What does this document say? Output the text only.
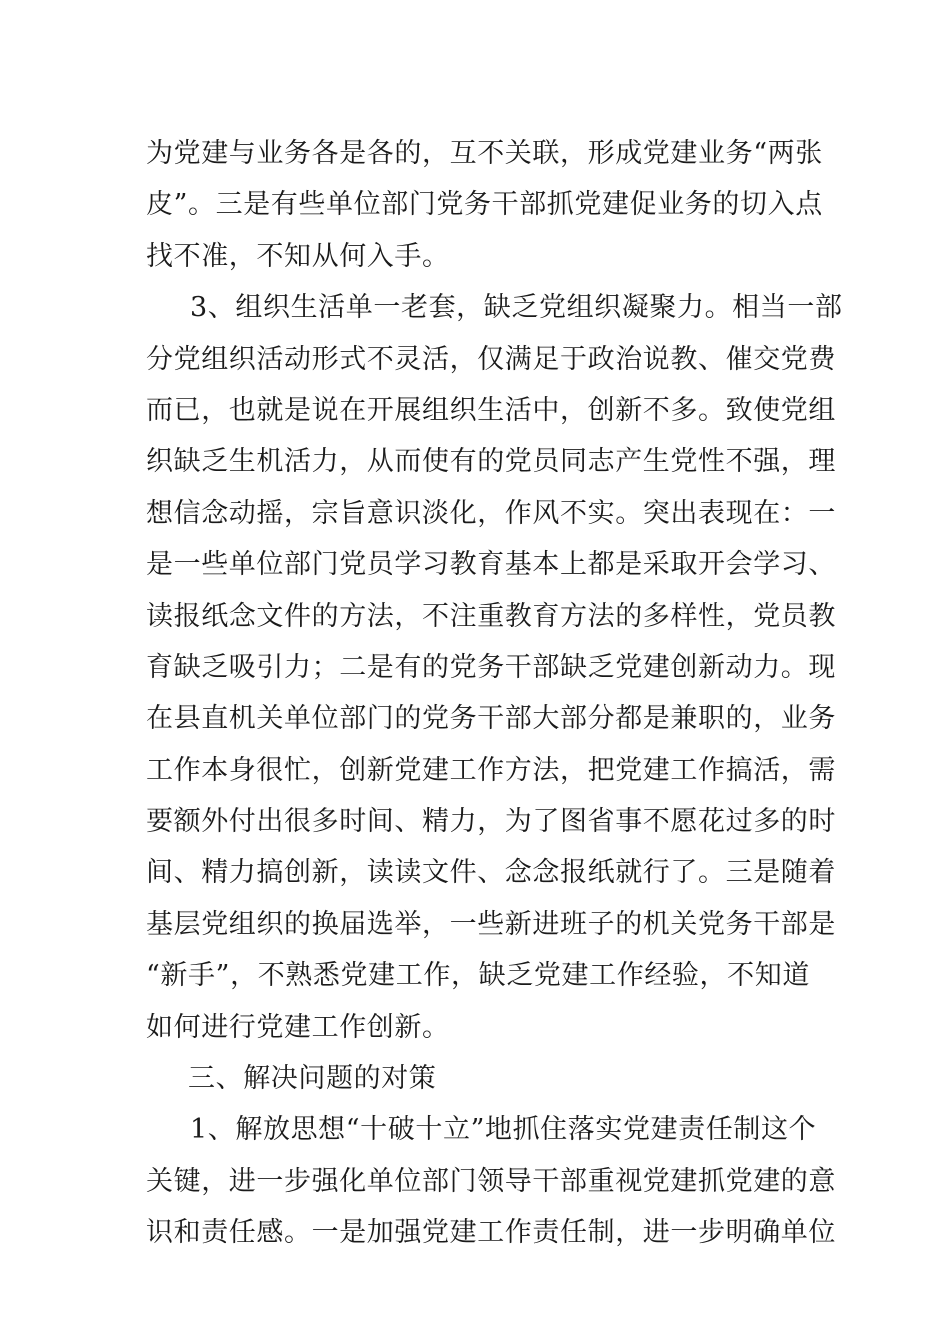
为党建与业务各是各的，互不关联，形成党建业务“两张
皮”。三是有些单位部门党务干部抓党建促业务的切入点
找不准，不知从何入手。
3、组织生活单一老套，缺乏党组织凝聚力。相当一部
分党组织活动形式不灵活，仅满足于政治说教、催交党费
而已，也就是说在开展组织生活中，创新不多。致使党组
织缺乏生机活力，从而使有的党员同志产生党性不强，理
想信念动摇，宗旨意识淡化，作风不实。突出表现在：一
是一些单位部门党员学习教育基本上都是采取开会学习、
读报纸念文件的方法，不注重教育方法的多样性，党员教
育缺乏吸引力；二是有的党务干部缺乏党建创新动力。现
在县直机关单位部门的党务干部大部分都是兼职的，业务
工作本身很忙，创新党建工作方法，把党建工作搞活，需
要额外付出很多时间、精力，为了图省事不愿花过多的时
间、精力搞创新，读读文件、念念报纸就行了。三是随着
基层党组织的换届选举，一些新进班子的机关党务干部是
“新手”，不熟悉党建工作，缺乏党建工作经验，不知道
如何进行党建工作创新。
三、解决问题的对策
1、解放思想“十破十立”地抓住落实党建责任制这个
关键，进一步强化单位部门领导干部重视党建抓党建的意
识和责任感。一是加强党建工作责任制，进一步明确单位
